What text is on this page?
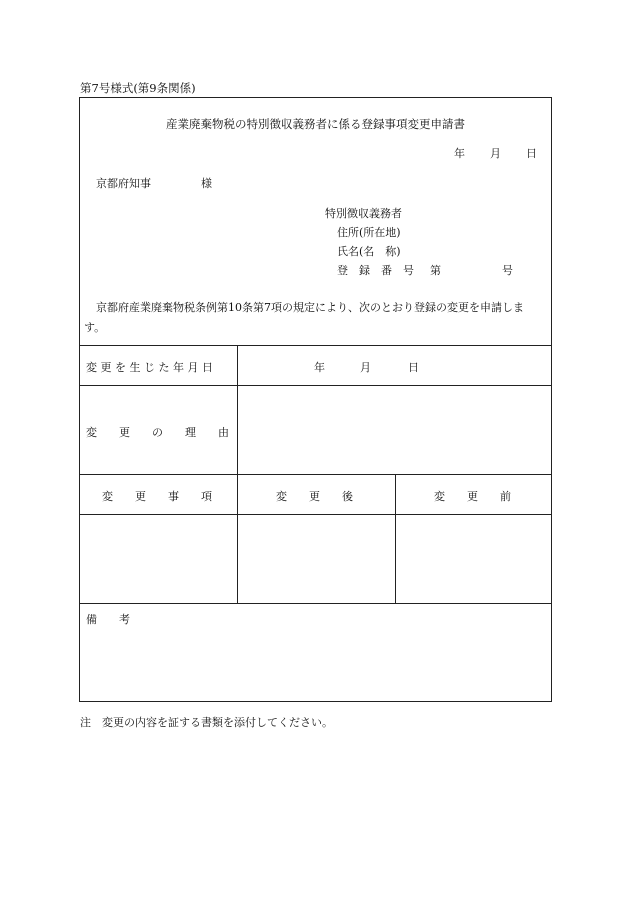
第7号様式(第9条関係)
産業廃棄物税の特別徴収義務者に係る登録事項変更申請書
年 月 日
京都府知事	様
特別徴収義務者
住所(所在地)
氏名(名　称)
登　録　番　号 第	号
京都府産業廃棄物税条例第10条第7項の規定により、次のとおり登録の変更を申請しま
す。
変 更 を 生 じ た 年 月 日	年	月	日
変　　更　　の　　理　　由
変　　更　　事　　項	変　　更　　後	変　　更　　前
備　　考
注　変更の内容を証する書類を添付してください。
